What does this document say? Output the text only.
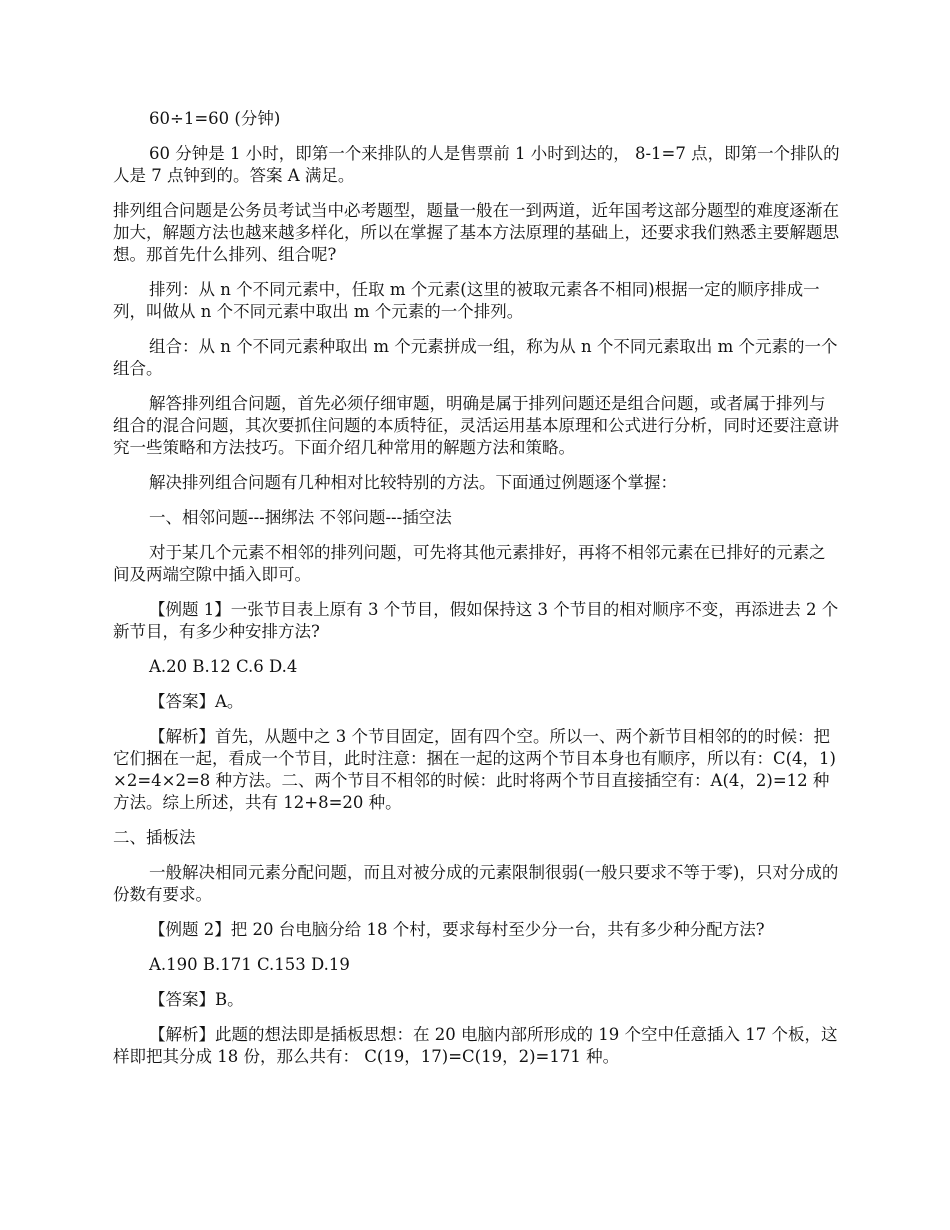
60÷1=60 (分钟)

60 分钟是 1 小时，即第一个来排队的人是售票前 1 小时到达的， 8-1=7 点，即第一个排队的人是 7 点钟到的。答案 A 满足。

排列组合问题是公务员考试当中必考题型，题量一般在一到两道，近年国考这部分题型的难度逐渐在加大，解题方法也越来越多样化，所以在掌握了基本方法原理的基础上，还要求我们熟悉主要解题思想。那首先什么排列、组合呢?

排列：从 n 个不同元素中，任取 m 个元素(这里的被取元素各不相同)根据一定的顺序排成一列，叫做从 n 个不同元素中取出 m 个元素的一个排列。

组合：从 n 个不同元素种取出 m 个元素拼成一组，称为从 n 个不同元素取出 m 个元素的一个组合。

解答排列组合问题，首先必须仔细审题，明确是属于排列问题还是组合问题，或者属于排列与组合的混合问题，其次要抓住问题的本质特征，灵活运用基本原理和公式进行分析，同时还要注意讲究一些策略和方法技巧。下面介绍几种常用的解题方法和策略。

解决排列组合问题有几种相对比较特别的方法。下面通过例题逐个掌握：

一、相邻问题---捆绑法 不邻问题---插空法

对于某几个元素不相邻的排列问题，可先将其他元素排好，再将不相邻元素在已排好的元素之间及两端空隙中插入即可。

【例题 1】一张节目表上原有 3 个节目，假如保持这 3 个节目的相对顺序不变，再添进去 2 个新节目，有多少种安排方法?

A.20 B.12 C.6 D.4

【答案】A。

【解析】首先，从题中之 3 个节目固定，固有四个空。所以一、两个新节目相邻的的时候：把它们捆在一起，看成一个节目，此时注意：捆在一起的这两个节目本身也有顺序，所以有：C(4，1)×2=4×2=8 种方法。二、两个节目不相邻的时候：此时将两个节目直接插空有：A(4，2)=12 种方法。综上所述，共有 12+8=20 种。

二、插板法

一般解决相同元素分配问题，而且对被分成的元素限制很弱(一般只要求不等于零)，只对分成的份数有要求。

【例题 2】把 20 台电脑分给 18 个村，要求每村至少分一台，共有多少种分配方法?

A.190 B.171 C.153 D.19

【答案】B。

【解析】此题的想法即是插板思想：在 20 电脑内部所形成的 19 个空中任意插入 17 个板，这样即把其分成 18 份，那么共有： C(19，17)=C(19，2)=171 种。
